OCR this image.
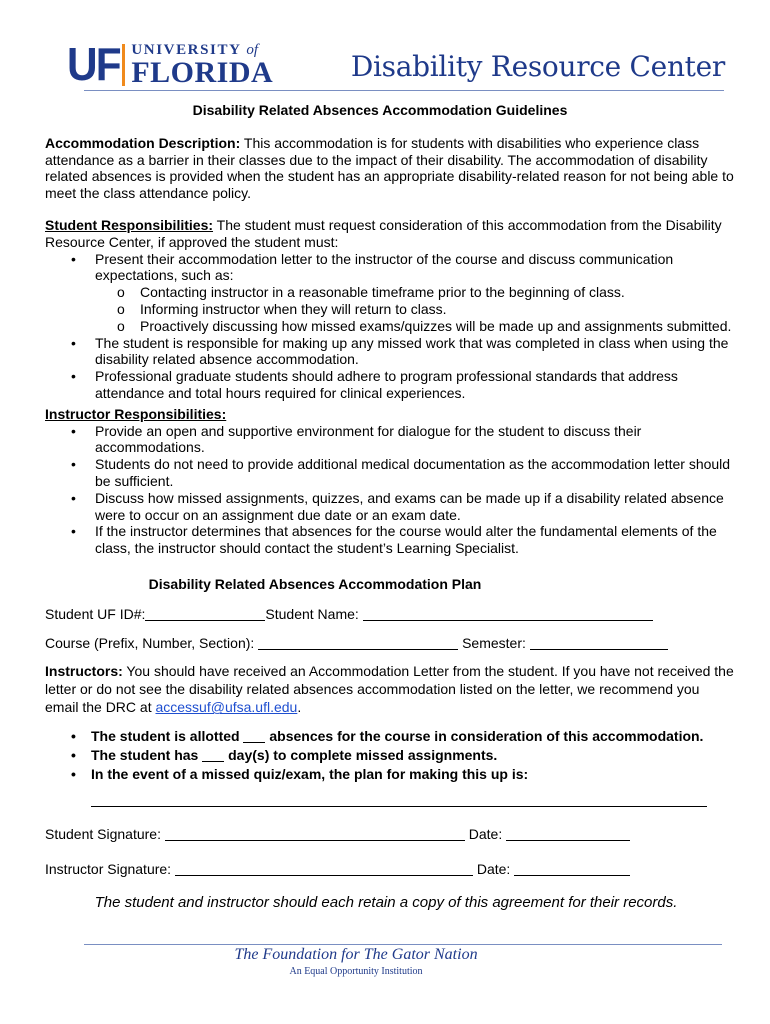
UF UNIVERSITY of
FLORIDA	Disability Resource Center

Disability Related Absences Accommodation Guidelines

Accommodation Description: This accommodation is for students with disabilities who experience class attendance as a barrier in their classes due to the impact of their disability. The accommodation of disability related absences is provided when the student has an appropriate disability-related reason for not being able to meet the class attendance policy.

Student Responsibilities: The student must request consideration of this accommodation from the Disability Resource Center, if approved the student must:

• Present their accommodation letter to the instructor of the course and discuss communication expectations, such as:
o Contacting instructor in a reasonable timeframe prior to the beginning of class.
o Informing instructor when they will return to class.
o Proactively discussing how missed exams/quizzes will be made up and assignments submitted.
• The student is responsible for making up any missed work that was completed in class when using the disability related absence accommodation.
• Professional graduate students should adhere to program professional standards that address attendance and total hours required for clinical experiences.

Instructor Responsibilities:

• Provide an open and supportive environment for dialogue for the student to discuss their accommodations.
• Students do not need to provide additional medical documentation as the accommodation letter should be sufficient.
• Discuss how missed assignments, quizzes, and exams can be made up if a disability related absence were to occur on an assignment due date or an exam date.
• If the instructor determines that absences for the course would alter the fundamental elements of the class, the instructor should contact the student’s Learning Specialist.

Disability Related Absences Accommodation Plan

Student UF ID#:	Student Name:

Course (Prefix, Number, Section):	Semester:

Instructors: You should have received an Accommodation Letter from the student. If you have not received the letter or do not see the disability related absences accommodation listed on the letter, we recommend you email the DRC at accessuf@ufsa.ufl.edu.

• The student is allotted  absences for the course in consideration of this accommodation.
• The student has  day(s) to complete missed assignments.
• In the event of a missed quiz/exam, the plan for making this up is:

Student Signature:	Date:

Instructor Signature:	Date:

The student and instructor should each retain a copy of this agreement for their records.

The Foundation for The Gator Nation
An Equal Opportunity Institution
